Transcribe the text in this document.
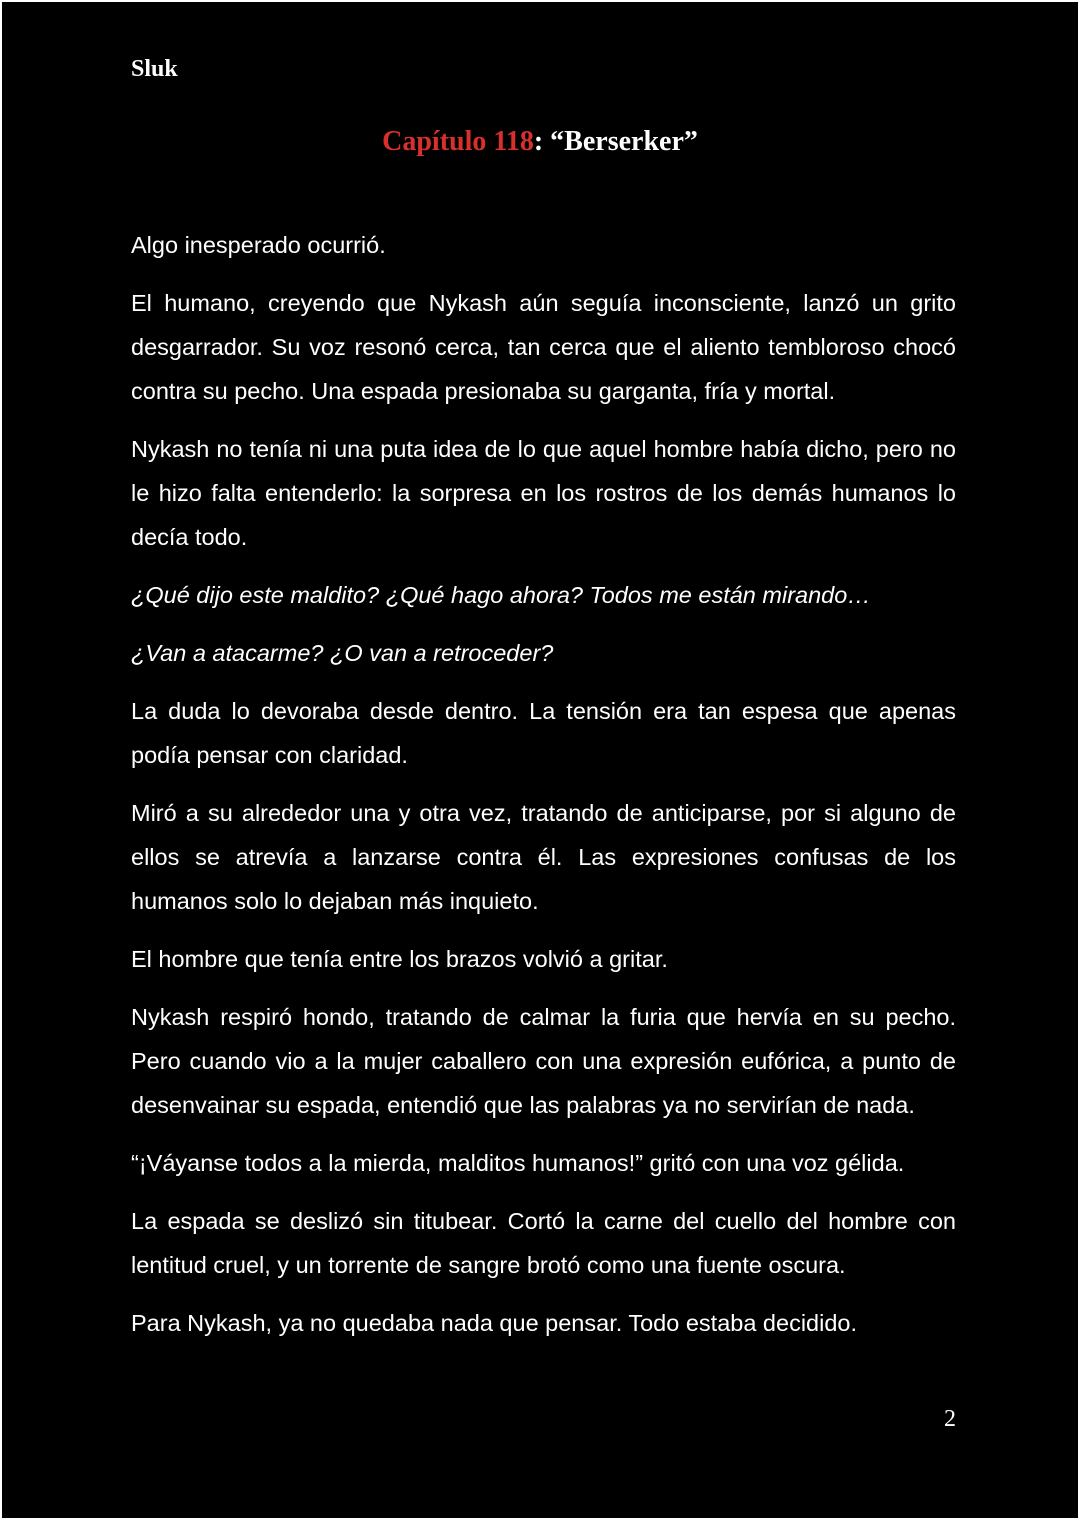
Sluk
Capítulo 118: “Berserker”

Algo inesperado ocurrió.

El humano, creyendo que Nykash aún seguía inconsciente, lanzó un grito desgarrador. Su voz resonó cerca, tan cerca que el aliento tembloroso chocó contra su pecho. Una espada presionaba su garganta, fría y mortal.

Nykash no tenía ni una puta idea de lo que aquel hombre había dicho, pero no le hizo falta entenderlo: la sorpresa en los rostros de los demás humanos lo decía todo.

¿Qué dijo este maldito? ¿Qué hago ahora? Todos me están mirando…

¿Van a atacarme? ¿O van a retroceder?

La duda lo devoraba desde dentro. La tensión era tan espesa que apenas podía pensar con claridad.

Miró a su alrededor una y otra vez, tratando de anticiparse, por si alguno de ellos se atrevía a lanzarse contra él. Las expresiones confusas de los humanos solo lo dejaban más inquieto.

El hombre que tenía entre los brazos volvió a gritar.

Nykash respiró hondo, tratando de calmar la furia que hervía en su pecho. Pero cuando vio a la mujer caballero con una expresión eufórica, a punto de desenvainar su espada, entendió que las palabras ya no servirían de nada.

“¡Váyanse todos a la mierda, malditos humanos!” gritó con una voz gélida.

La espada se deslizó sin titubear. Cortó la carne del cuello del hombre con lentitud cruel, y un torrente de sangre brotó como una fuente oscura.

Para Nykash, ya no quedaba nada que pensar. Todo estaba decidido.

2
